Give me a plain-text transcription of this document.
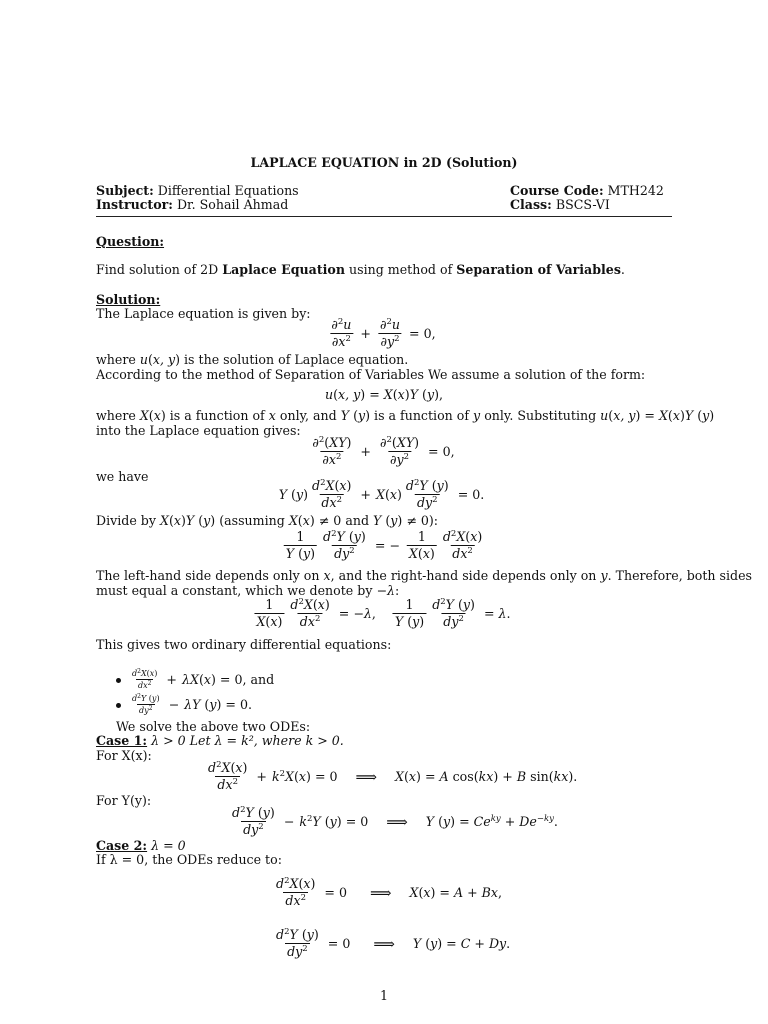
LAPLACE EQUATION in 2D (Solution)
Subject: Differential Equations
Instructor: Dr. Sohail Ahmad
Course Code: MTH242
Class: BSCS-VI
Question:
Find solution of 2D Laplace Equation using method of Separation of Variables.
Solution:
The Laplace equation is given by:
$\frac{\partial^2u}{\partial x^2} + \frac{\partial^2u}{\partial y^2} = 0$,
where u(x, y) is the solution of Laplace equation.
According to the method of Separation of Variables We assume a solution of the form:
u(x, y) = X(x)Y (y),
where X(x) is a function of x only, and Y (y) is a function of y only. Substituting u(x, y) = X(x)Y (y)
into the Laplace equation gives:
$\frac{\partial^2(XY)}{\partial x^2} + \frac{\partial^2(XY)}{\partial y^2} = 0$,
we have
Y $(y) \frac{d^2X(x)}{dx^2} + X(x) \frac{d^2Y (y)}{dy^2} = 0$.
Divide by X(x)Y (y) (assuming X(x) ≠ 0 and Y (y) ≠ 0):
$\frac{1}{Y (y)} \frac{d^2Y (y)}{dy^2}$ = − $\frac{1}{X(x)} \frac{d^2X(x)}{dx^2}$
The left-hand side depends only on x, and the right-hand side depends only on y. Therefore, both sides
must equal a constant, which we denote by −λ:
$\frac{1}{X(x)} \frac{d^2X(x)}{dx^2} = -\lambda$, $\frac{1}{Y (y)} \frac{d^2Y (y)}{dy^2} = \lambda$.
This gives two ordinary differential equations:
$\frac{d^2X(x)}{dx^2} + \lambda X(x) = 0$ , and
$\frac{d^2Y (y)}{dy^2} - \lambda Y$ (y) = 0.
We solve the above two ODEs:
Case 1: λ > 0 Let λ = k², where k > 0.
For X(x):
$\frac{d^2X(x)}{dx^2} + k^2X(x) = 0$ ⟹ X(x) = A cos(kx) + B sin(kx).
For Y(y):
$\frac{d^2Y (y)}{dy^2} - k^2Y$ (y) = 0 ⟹ Y $(y) = Ce^{ky} + De^{-ky}$.
Case 2: λ = 0
If λ = 0, the ODEs reduce to:
$\frac{d^2X(x)}{dx^2} = 0$ ⟹ X(x) = A + Bx,
$\frac{d^2Y (y)}{dy^2} = 0$ ⟹ Y (y) = C + Dy.
1
